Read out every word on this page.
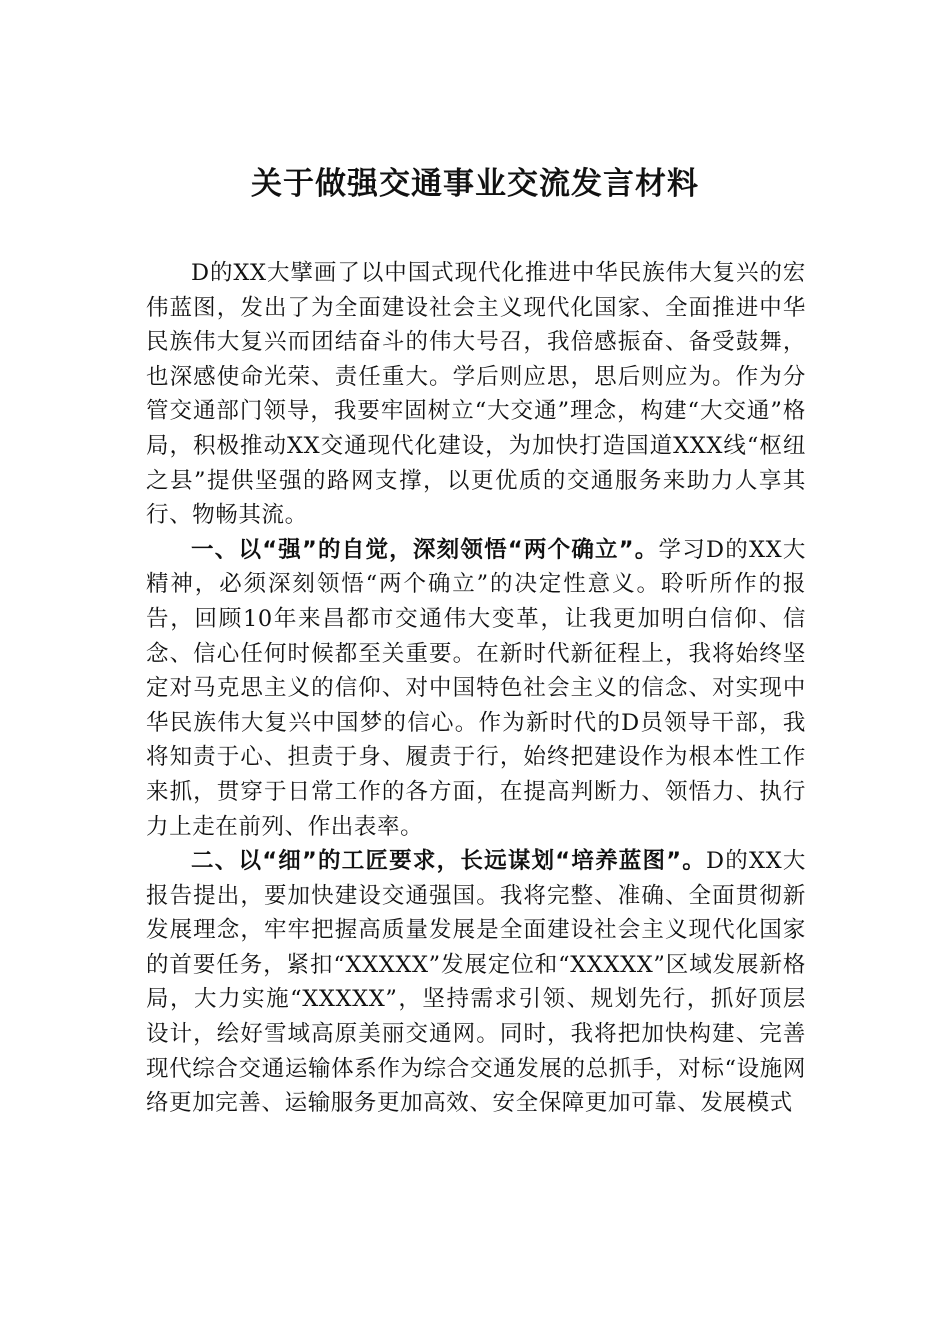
关于做强交通事业交流发言材料

D的XX大擘画了以中国式现代化推进中华民族伟大复兴的宏伟蓝图，发出了为全面建设社会主义现代化国家、全面推进中华民族伟大复兴而团结奋斗的伟大号召，我倍感振奋、备受鼓舞，也深感使命光荣、责任重大。学后则应思，思后则应为。作为分管交通部门领导，我要牢固树立“大交通”理念，构建“大交通”格局，积极推动XX交通现代化建设，为加快打造国道XXX线“枢纽之县”提供坚强的路网支撑，以更优质的交通服务来助力人享其行、物畅其流。

一、以“强”的自觉，深刻领悟“两个确立”。学习D的XX大精神，必须深刻领悟“两个确立”的决定性意义。聆听所作的报告，回顾10年来昌都市交通伟大变革，让我更加明白信仰、信念、信心任何时候都至关重要。在新时代新征程上，我将始终坚定对马克思主义的信仰、对中国特色社会主义的信念、对实现中华民族伟大复兴中国梦的信心。作为新时代的D员领导干部，我将知责于心、担责于身、履责于行，始终把建设作为根本性工作来抓，贯穿于日常工作的各方面，在提高判断力、领悟力、执行力上走在前列、作出表率。

二、以“细”的工匠要求，长远谋划“培养蓝图”。D的XX大报告提出，要加快建设交通强国。我将完整、准确、全面贯彻新发展理念，牢牢把握高质量发展是全面建设社会主义现代化国家的首要任务，紧扣“XXXXX”发展定位和“XXXXX”区域发展新格局，大力实施“XXXXX”，坚持需求引领、规划先行，抓好顶层设计，绘好雪域高原美丽交通网。同时，我将把加快构建、完善现代综合交通运输体系作为综合交通发展的总抓手，对标“设施网络更加完善、运输服务更加高效、安全保障更加可靠、发展模式
